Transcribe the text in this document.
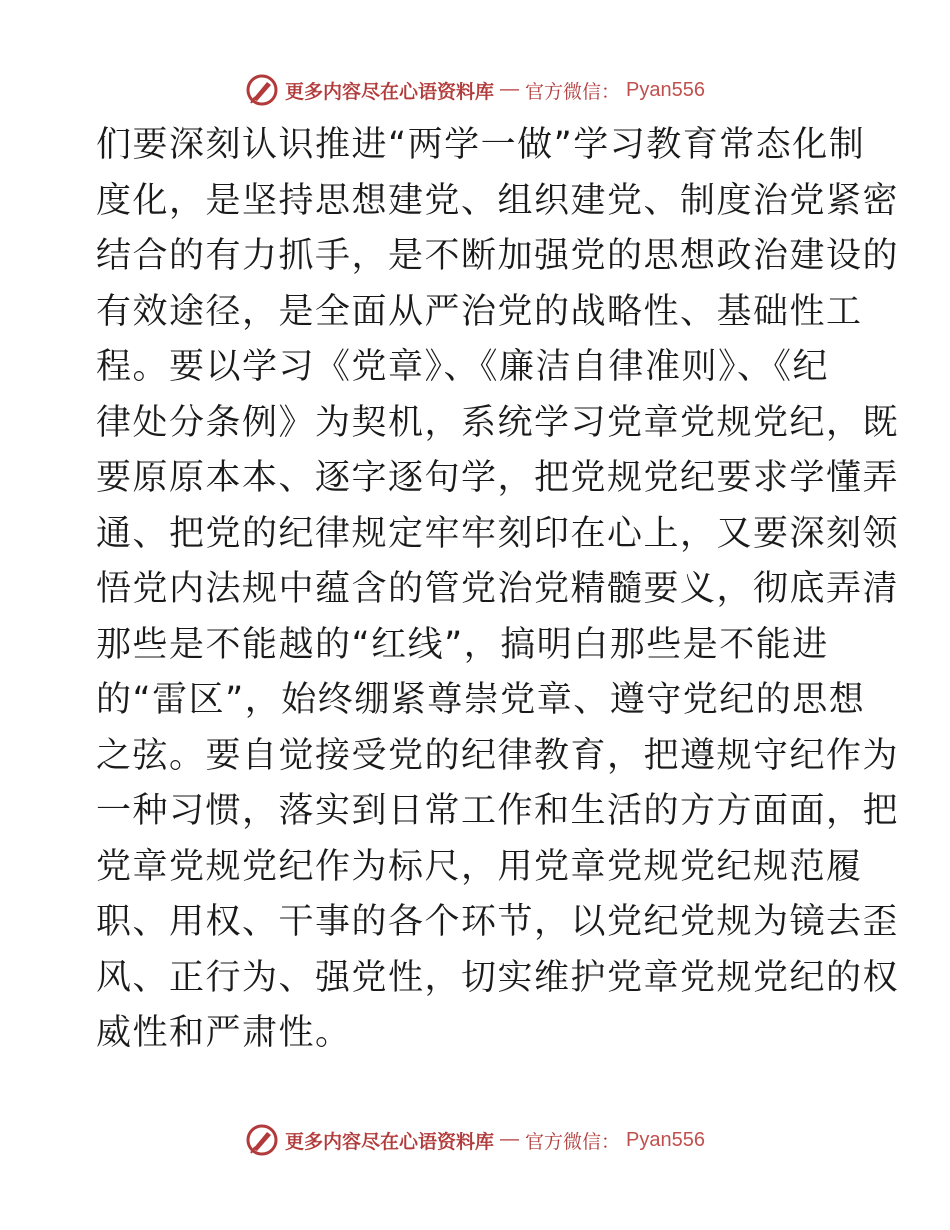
更多内容尽在心语资料库 — 官方微信： Pyan556
们要深刻认识推进“两学一做”学习教育常态化制
度化，是坚持思想建党、组织建党、制度治党紧密
结合的有力抓手，是不断加强党的思想政治建设的
有效途径，是全面从严治党的战略性、基础性工
程。要以学习《党章》、《廉洁自律准则》、《纪
律处分条例》为契机，系统学习党章党规党纪，既
要原原本本、逐字逐句学，把党规党纪要求学懂弄
通、把党的纪律规定牢牢刻印在心上，又要深刻领
悟党内法规中蕴含的管党治党精髓要义，彻底弄清
那些是不能越的“红线”，搞明白那些是不能进
的“雷区”，始终绷紧尊崇党章、遵守党纪的思想
之弦。要自觉接受党的纪律教育，把遵规守纪作为
一种习惯，落实到日常工作和生活的方方面面，把
党章党规党纪作为标尺，用党章党规党纪规范履
职、用权、干事的各个环节，以党纪党规为镜去歪
风、正行为、强党性，切实维护党章党规党纪的权
威性和严肃性。
更多内容尽在心语资料库 — 官方微信： Pyan556
